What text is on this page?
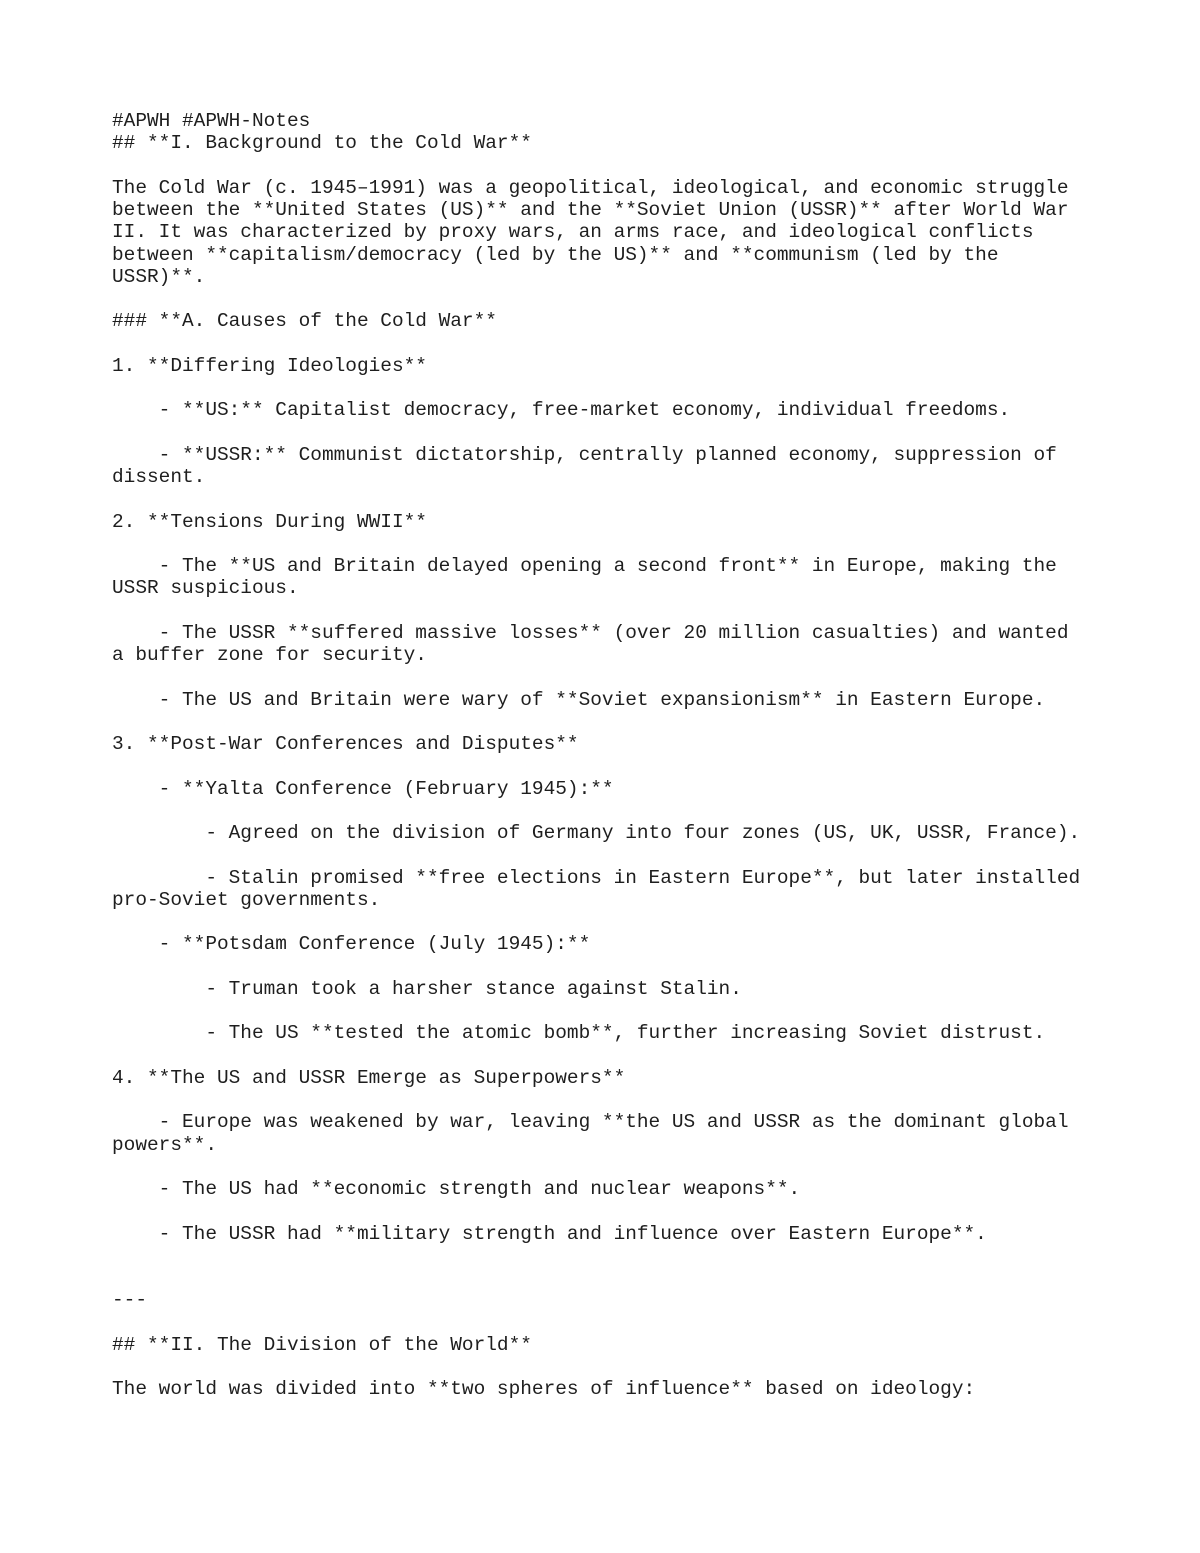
#APWH #APWH-Notes
## **I. Background to the Cold War**
The Cold War (c. 1945–1991) was a geopolitical, ideological, and economic struggle
between the **United States (US)** and the **Soviet Union (USSR)** after World War
II. It was characterized by proxy wars, an arms race, and ideological conflicts
between **capitalism/democracy (led by the US)** and **communism (led by the
USSR)**.
### **A. Causes of the Cold War**
1. **Differing Ideologies**
- **US:** Capitalist democracy, free-market economy, individual freedoms.
- **USSR:** Communist dictatorship, centrally planned economy, suppression of
dissent.
2. **Tensions During WWII**
- The **US and Britain delayed opening a second front** in Europe, making the
USSR suspicious.
- The USSR **suffered massive losses** (over 20 million casualties) and wanted
a buffer zone for security.
- The US and Britain were wary of **Soviet expansionism** in Eastern Europe.
3. **Post-War Conferences and Disputes**
- **Yalta Conference (February 1945):**
- Agreed on the division of Germany into four zones (US, UK, USSR, France).
- Stalin promised **free elections in Eastern Europe**, but later installed
pro-Soviet governments.
- **Potsdam Conference (July 1945):**
- Truman took a harsher stance against Stalin.
- The US **tested the atomic bomb**, further increasing Soviet distrust.
4. **The US and USSR Emerge as Superpowers**
- Europe was weakened by war, leaving **the US and USSR as the dominant global
powers**.
- The US had **economic strength and nuclear weapons**.
- The USSR had **military strength and influence over Eastern Europe**.
---
## **II. The Division of the World**
The world was divided into **two spheres of influence** based on ideology:
